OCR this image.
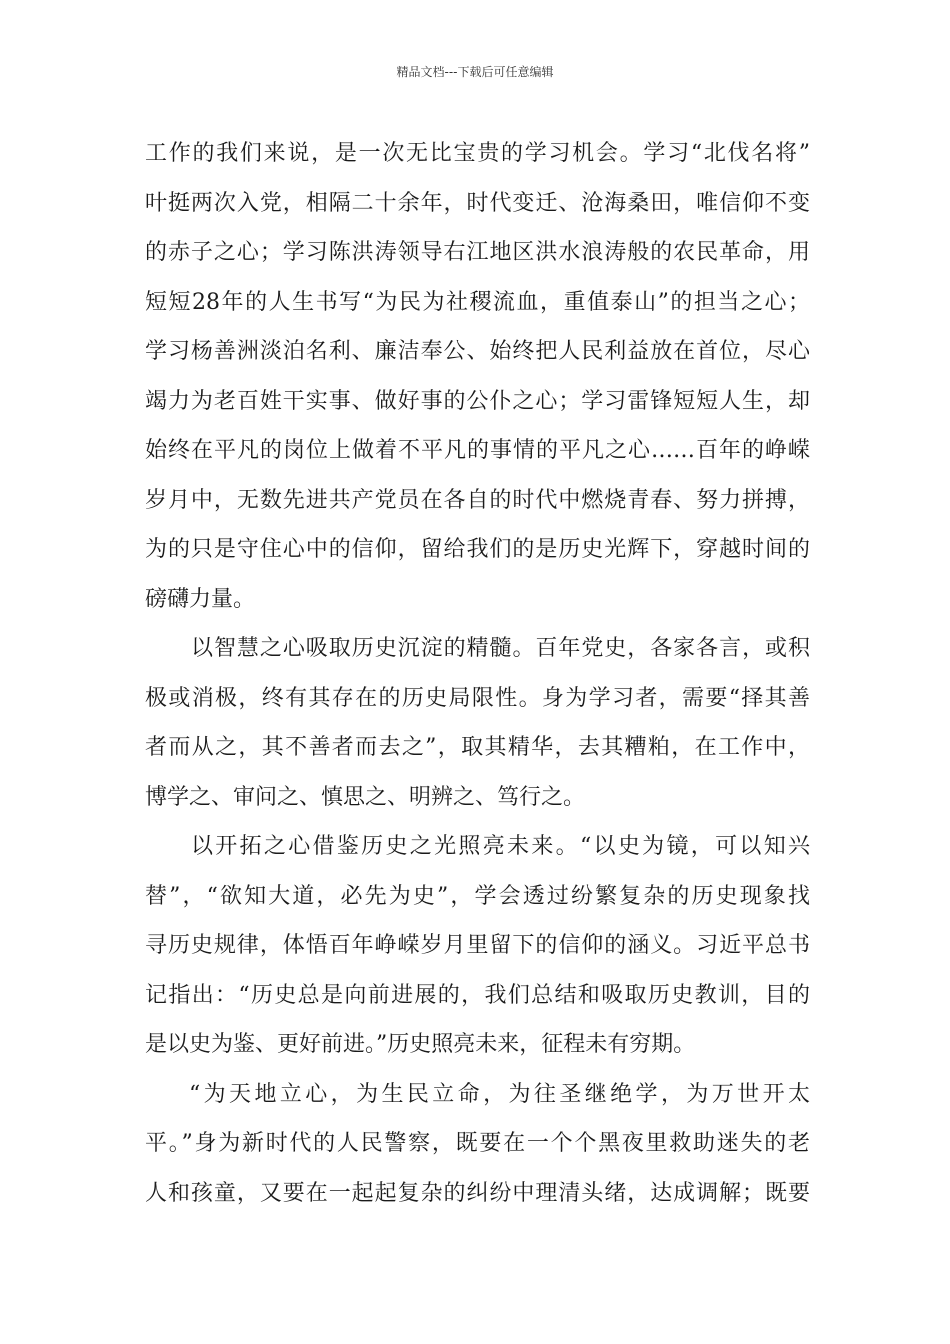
精品文档---下载后可任意编辑
工作的我们来说，是一次无比宝贵的学习机会。学习“北伐名将”
叶挺两次入党，相隔二十余年，时代变迁、沧海桑田，唯信仰不变
的赤子之心；学习陈洪涛领导右江地区洪水浪涛般的农民革命，用
短短28年的人生书写“为民为社稷流血，重值泰山”的担当之心；
学习杨善洲淡泊名利、廉洁奉公、始终把人民利益放在首位，尽心
竭力为老百姓干实事、做好事的公仆之心；学习雷锋短短人生，却
始终在平凡的岗位上做着不平凡的事情的平凡之心……百年的峥嵘
岁月中，无数先进共产党员在各自的时代中燃烧青春、努力拼搏，
为的只是守住心中的信仰，留给我们的是历史光辉下，穿越时间的
磅礴力量。
以智慧之心吸取历史沉淀的精髓。百年党史，各家各言，或积
极或消极，终有其存在的历史局限性。身为学习者，需要“择其善
者而从之，其不善者而去之”，取其精华，去其糟粕，在工作中，
博学之、审问之、慎思之、明辨之、笃行之。
以开拓之心借鉴历史之光照亮未来。“以史为镜，可以知兴
替”，“欲知大道，必先为史”，学会透过纷繁复杂的历史现象找
寻历史规律，体悟百年峥嵘岁月里留下的信仰的涵义。习近平总书
记指出：“历史总是向前进展的，我们总结和吸取历史教训，目的
是以史为鉴、更好前进。”历史照亮未来，征程未有穷期。
“为天地立心，为生民立命，为往圣继绝学，为万世开太
平。”身为新时代的人民警察，既要在一个个黑夜里救助迷失的老
人和孩童，又要在一起起复杂的纠纷中理清头绪，达成调解；既要
